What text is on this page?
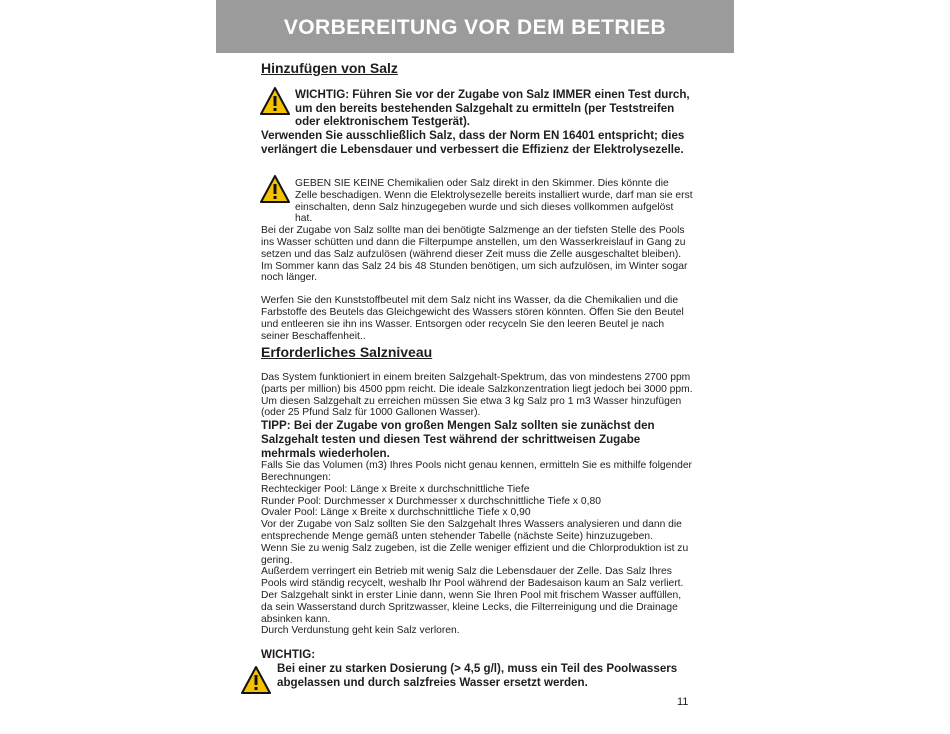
VORBEREITUNG VOR DEM BETRIEB
Hinzufügen von Salz

WICHTIG: Führen Sie vor der Zugabe von Salz IMMER einen Test durch, um den bereits bestehenden Salzgehalt zu ermitteln (per Teststreifen oder elektronischem Testgerät).

Verwenden Sie ausschließlich Salz, dass der Norm EN 16401 entspricht; dies verlängert die Lebensdauer und verbessert die Effizienz der Elektrolysezelle.

GEBEN SIE KEINE Chemikalien oder Salz direkt in den Skimmer. Dies könnte die Zelle beschadigen. Wenn die Elektrolysezelle bereits installiert wurde, darf man sie erst einschalten, denn Salz hinzugegeben wurde und sich dieses vollkommen aufgelöst hat.

Bei der Zugabe von Salz sollte man dei benötigte Salzmenge an der tiefsten Stelle des Pools ins Wasser schütten und dann die Filterpumpe anstellen, um den Wasserkreislauf in Gang zu setzen und das Salz aufzulösen (während dieser Zeit muss die Zelle ausgeschaltet bleiben).

Im Sommer kann das Salz 24 bis 48 Stunden benötigen, um sich aufzulösen, im Winter sogar noch länger.

Werfen Sie den Kunststoffbeutel mit dem Salz nicht ins Wasser, da die Chemikalien und die Farbstoffe des Beutels das Gleichgewicht des Wassers stören könnten. Öffen Sie den Beutel und entleeren sie ihn ins Wasser. Entsorgen oder recyceln Sie den leeren Beutel je nach seiner Beschaffenheit..

Erforderliches Salzniveau

Das System funktioniert in einem breiten Salzgehalt-Spektrum, das von mindestens 2700 ppm (parts per million) bis 4500 ppm reicht. Die ideale Salzkonzentration liegt jedoch bei 3000 ppm. Um diesen Salzgehalt zu erreichen müssen Sie etwa 3 kg Salz pro 1 m3 Wasser hinzufügen (oder 25 Pfund Salz für 1000 Gallonen Wasser).

TIPP: Bei der Zugabe von großen Mengen Salz sollten sie zunächst den Salzgehalt testen und diesen Test während der schrittweisen Zugabe mehrmals wiederholen.

Falls Sie das Volumen (m3) Ihres Pools nicht genau kennen, ermitteln Sie es mithilfe folgender Berechnungen:

Rechteckiger Pool: Länge x Breite x durchschnittliche Tiefe

Runder Pool: Durchmesser x Durchmesser x durchschnittliche Tiefe x 0,80

Ovaler Pool: Länge x Breite x durchschnittliche Tiefe x 0,90

Vor der Zugabe von Salz sollten Sie den Salzgehalt Ihres Wassers analysieren und dann die entsprechende Menge gemäß unten stehender Tabelle (nächste Seite) hinzuzugeben.

Wenn Sie zu wenig Salz zugeben, ist die Zelle weniger effizient und die Chlorproduktion ist zu gering.

Außerdem verringert ein Betrieb mit wenig Salz die Lebensdauer der Zelle. Das Salz Ihres Pools wird ständig recycelt, weshalb Ihr Pool während der Badesaison kaum an Salz verliert. Der Salzgehalt sinkt in erster Linie dann, wenn Sie Ihren Pool mit frischem Wasser auffüllen, da sein Wasserstand durch Spritzwasser, kleine Lecks, die Filterreinigung und die Drainage absinken kann.

Durch Verdunstung geht kein Salz verloren.

WICHTIG:

Bei einer zu starken Dosierung (> 4,5 g/l), muss ein Teil des Poolwassers abgelassen und durch salzfreies Wasser ersetzt werden.

11
